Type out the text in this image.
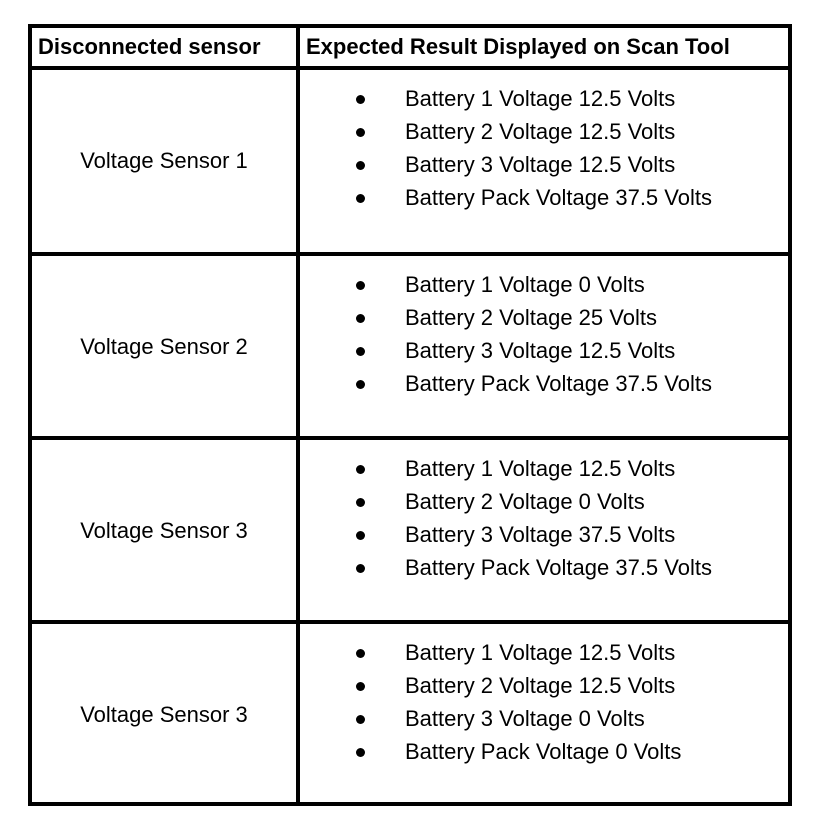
Disconnected sensor	Expected Result Displayed on Scan Tool
Voltage Sensor 1
Battery 1 Voltage 12.5 Volts
Battery 2 Voltage 12.5 Volts
Battery 3 Voltage 12.5 Volts
Battery Pack Voltage 37.5 Volts
Voltage Sensor 2
Battery 1 Voltage 0 Volts
Battery 2 Voltage 25 Volts
Battery 3 Voltage 12.5 Volts
Battery Pack Voltage 37.5 Volts
Voltage Sensor 3
Battery 1 Voltage 12.5 Volts
Battery 2 Voltage 0 Volts
Battery 3 Voltage 37.5 Volts
Battery Pack Voltage 37.5 Volts
Voltage Sensor 3
Battery 1 Voltage 12.5 Volts
Battery 2 Voltage 12.5 Volts
Battery 3 Voltage 0 Volts
Battery Pack Voltage 0 Volts
